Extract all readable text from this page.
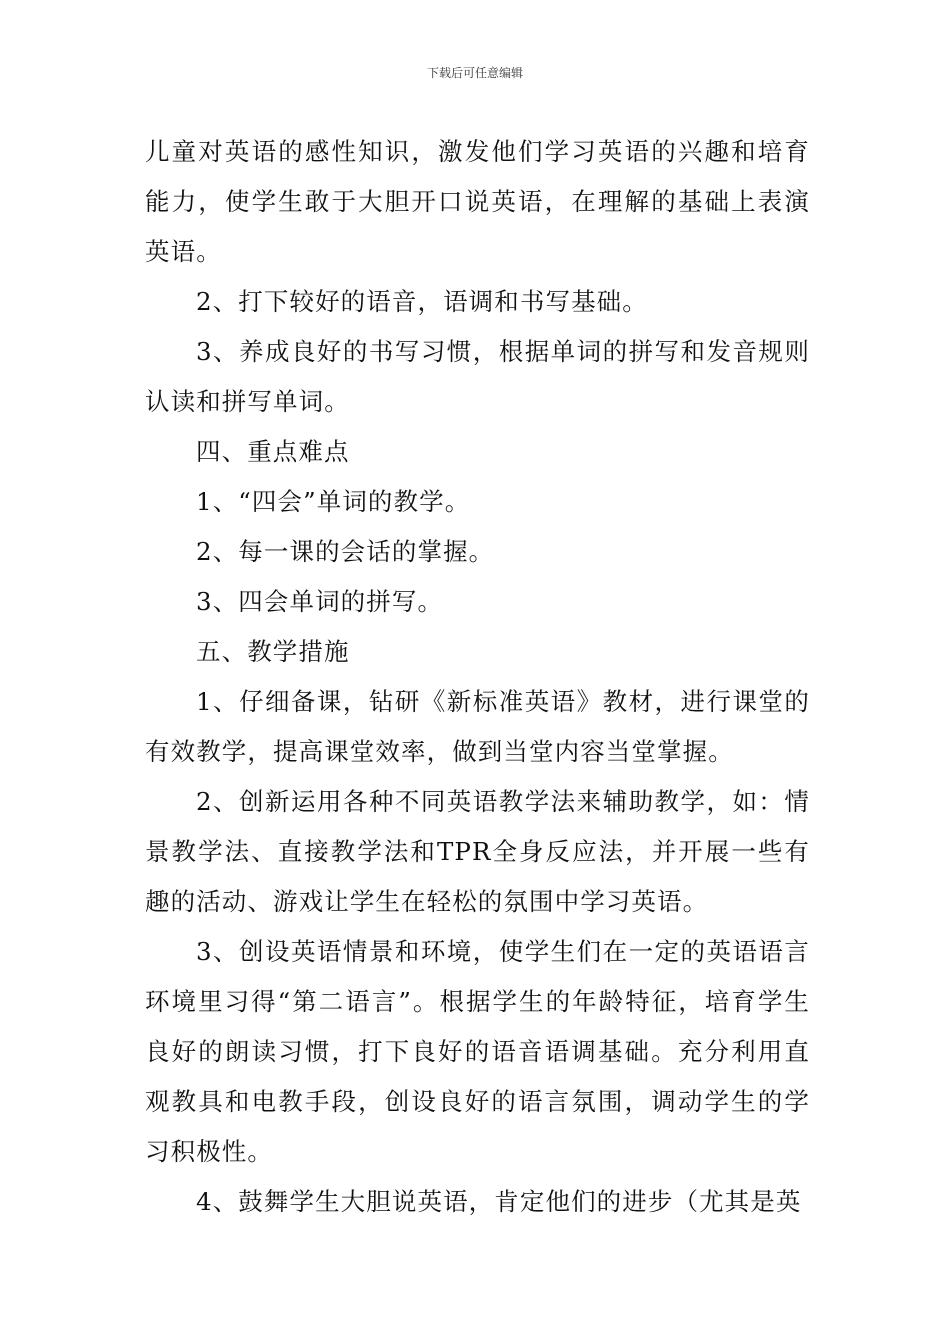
下载后可任意编辑

儿童对英语的感性知识，激发他们学习英语的兴趣和培育能力，使学生敢于大胆开口说英语，在理解的基础上表演英语。

2、打下较好的语音，语调和书写基础。

3、养成良好的书写习惯，根据单词的拼写和发音规则认读和拼写单词。

四、重点难点

1、“四会”单词的教学。

2、每一课的会话的掌握。

3、四会单词的拼写。

五、教学措施

1、仔细备课，钻研《新标准英语》教材，进行课堂的有效教学，提高课堂效率，做到当堂内容当堂掌握。

2、创新运用各种不同英语教学法来辅助教学，如：情景教学法、直接教学法和TPR全身反应法，并开展一些有趣的活动、游戏让学生在轻松的氛围中学习英语。

3、创设英语情景和环境，使学生们在一定的英语语言环境里习得“第二语言”。根据学生的年龄特征，培育学生良好的朗读习惯，打下良好的语音语调基础。充分利用直观教具和电教手段，创设良好的语言氛围，调动学生的学习积极性。

4、鼓舞学生大胆说英语，肯定他们的进步（尤其是英
